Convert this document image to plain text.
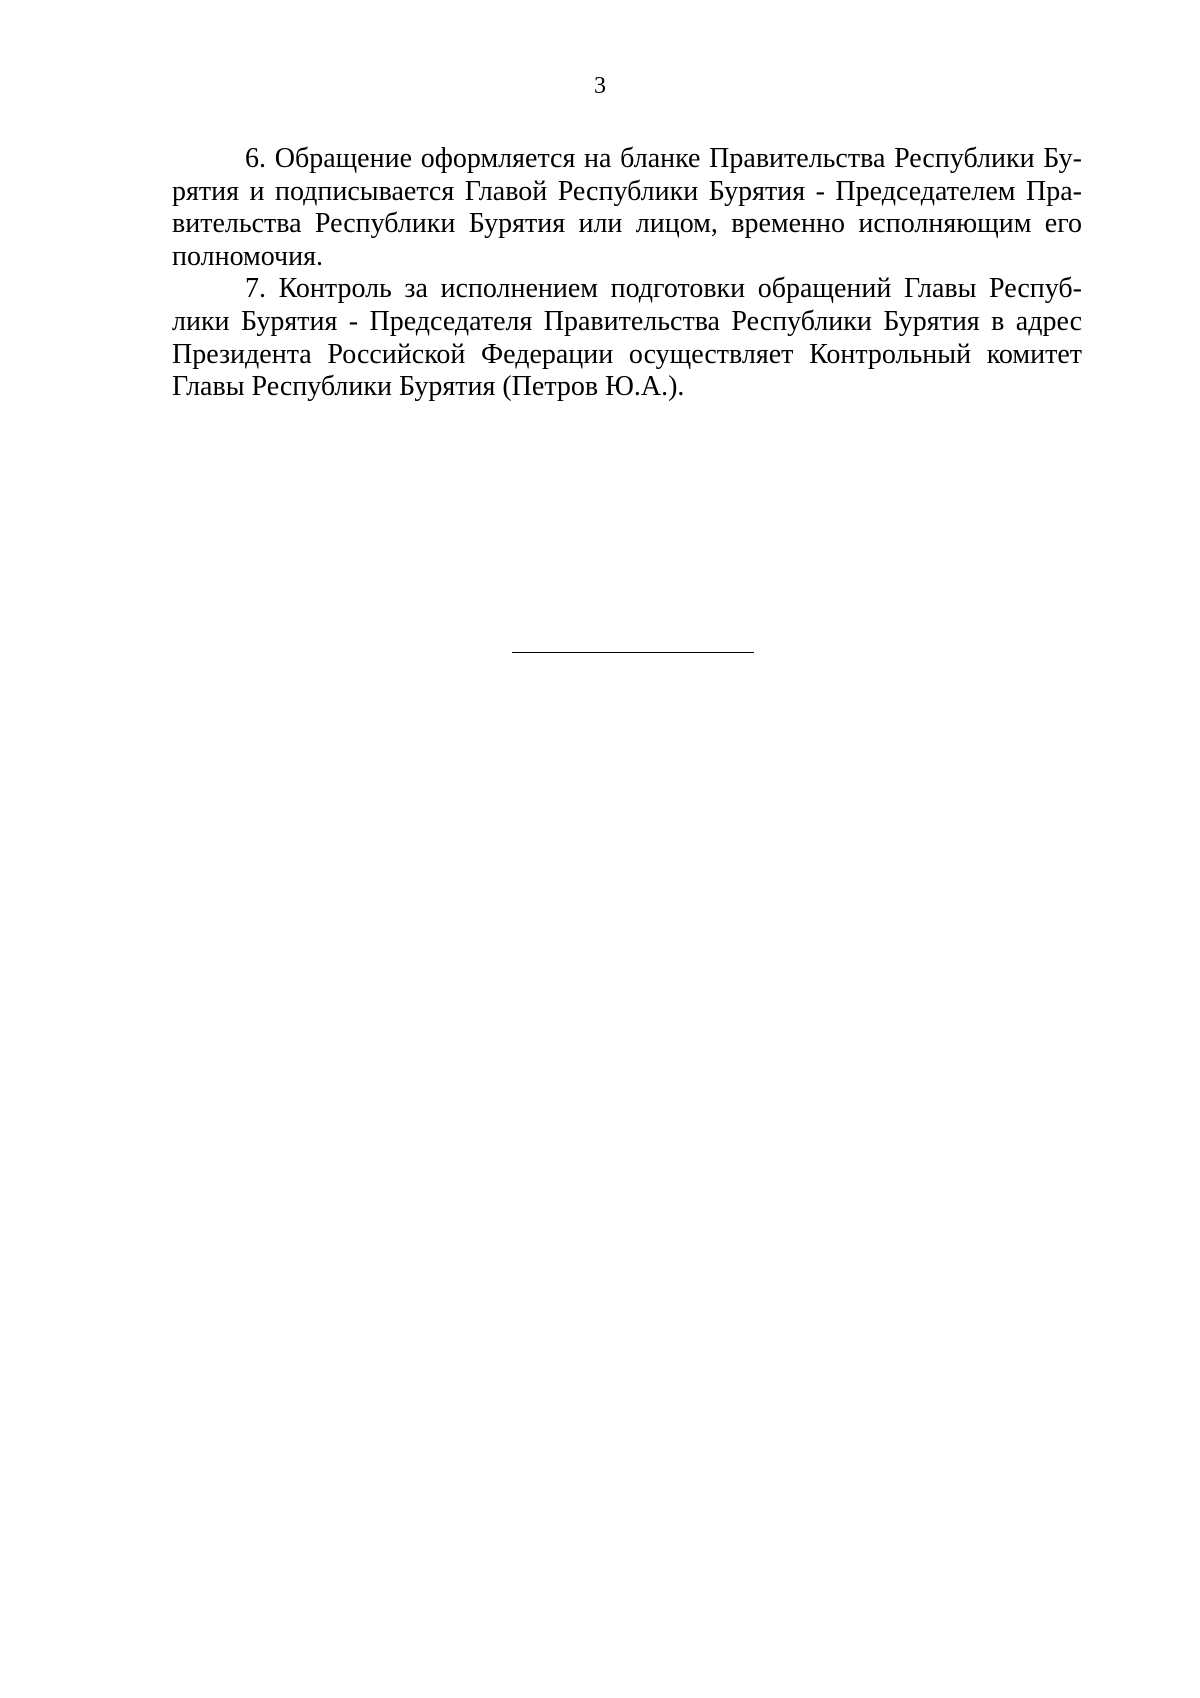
3

6. Обращение оформляется на бланке Правительства Республики Бурятия и подписывается Главой Республики Бурятия - Председателем Правительства Республики Бурятия или лицом, временно исполняющим его полномочия.

7. Контроль за исполнением подготовки обращений Главы Республики Бурятия - Председателя Правительства Республики Бурятия в адрес Президента Российской Федерации осуществляет Контрольный комитет Главы Республики Бурятия (Петров Ю.А.).
